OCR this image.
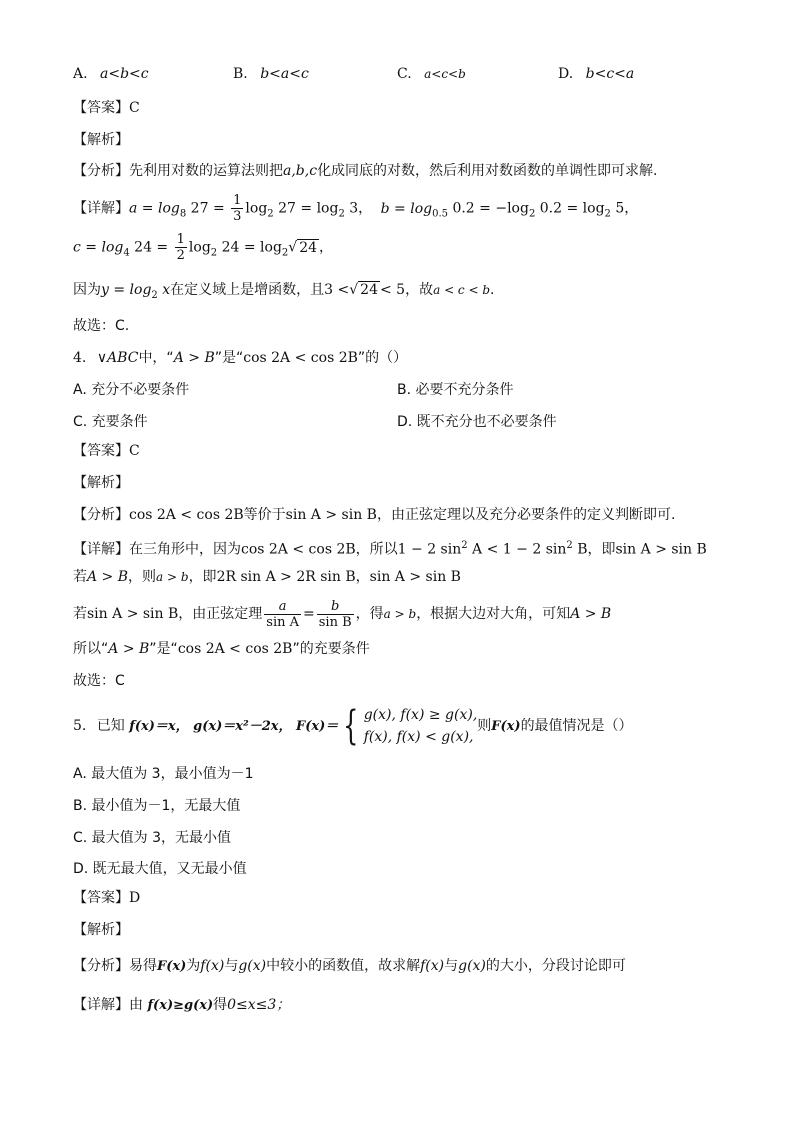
A. a<b<c	B. b<a<c	C. a<c<b	D. b<c<a
【答案】C
【解析】
【分析】先利用对数的运算法则把a,b,c化成同底的对数，然后利用对数函数的单调性即可求解.
【详解】$a = \log_8 27 = \frac{1}{3} \log_2 27 = \log_2 3$， $b = \log_{0.5} 0.2 = -\log_2$ $0.2 = \log_2 5$，
$c = \log_4 24 = \frac{1}{2} \log_2 24 = \log_2√$ 24 ，
因为$y = \log_2 x$在定义域上是增函数，且3 <√ 24 < 5，故a < c < b.
故选：C.
4. ∨ABC中，“A > B”是“cos 2A < cos 2B”的（）
A. 充分不必要条件	B. 必要不充分条件
C. 充要条件	D. 既不充分也不必要条件
【答案】C
【解析】
【分析】cos 2A < cos 2B等价于sin A > sin B，由正弦定理以及充分必要条件的定义判断即可.
【详解】在三角形中，因为cos 2A < cos 2B，所以1 − 2 $\sin^2 A < 1 - 2$ $\sin^2 B$，即sin A > sin B
若A > B，则a > b，即2R sin A > 2R sin B，sin A > sin B
若sin A > sin B，由正弦定理 $\frac{a}{\text{sin A}} = \frac{b}{\text{sin B}}$ ，得a > b，根据大边对大角，可知A > B
所以“A > B”是“cos 2A < cos 2B”的充要条件
故选：C
5. 已知 f(x)＝x， g(x)＝x²－2x， F(x)＝ { g(x), f(x) ≥ g(x),
f(x), f(x) < g(x),
则F(x)的最值情况是（）
A. 最大值为 3，最小值为－1
B. 最小值为－1，无最大值
C. 最大值为 3，无最小值
D. 既无最大值，又无最小值
【答案】D
【解析】
【分析】易得F(x)为f(x)与g(x)中较小的函数值，故求解f(x)与g(x)的大小，分段讨论即可
【详解】由 f(x)≥g(x)得0≤x≤3；
